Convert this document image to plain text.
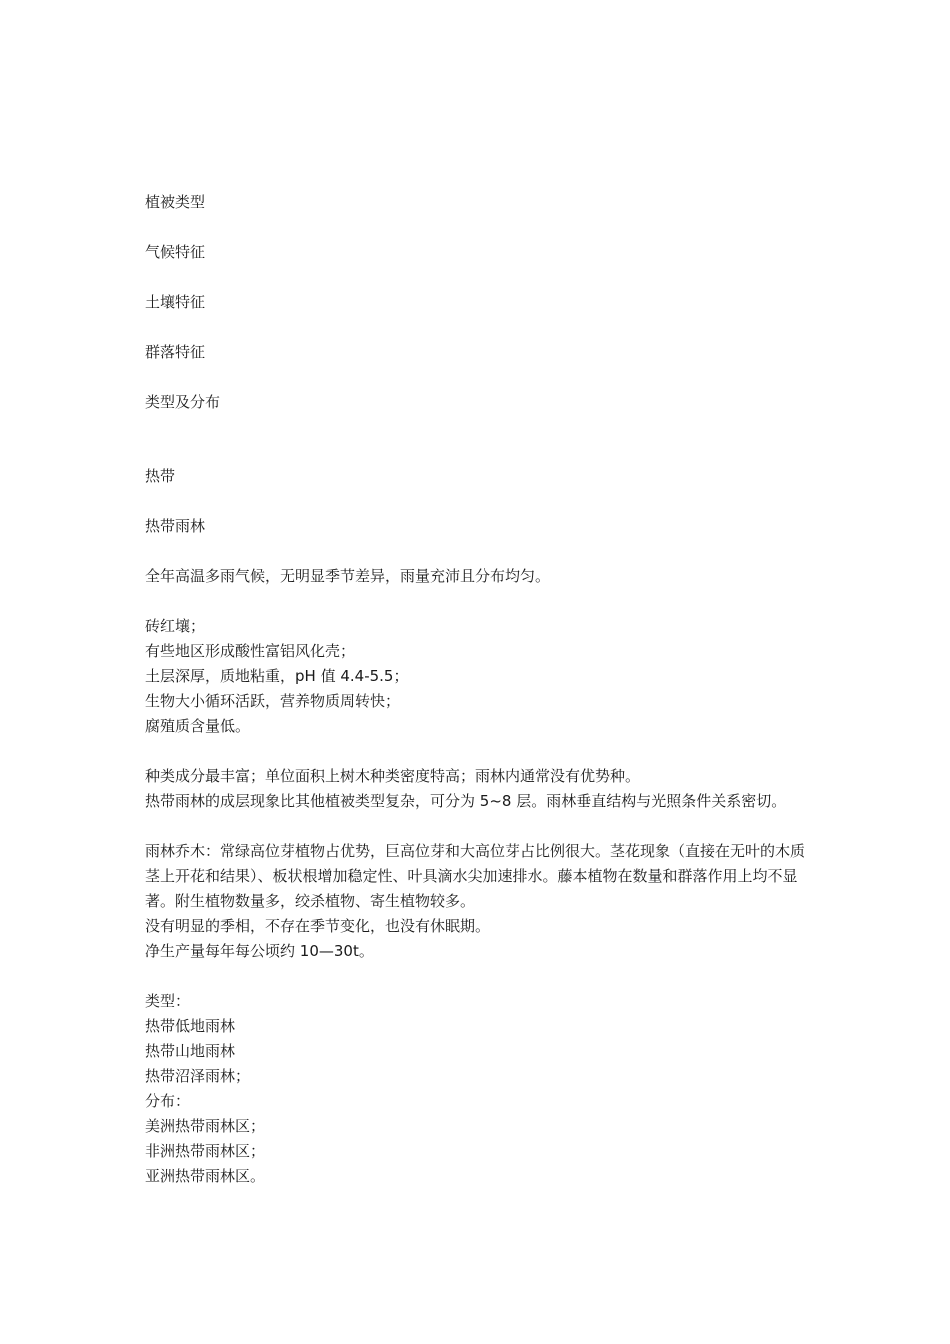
植被类型
气候特征
土壤特征
群落特征
类型及分布
热带
热带雨林
全年高温多雨气候，无明显季节差异，雨量充沛且分布均匀。
砖红壤；
有些地区形成酸性富铝风化壳；
土层深厚，质地粘重，pH 值 4.4-5.5；
生物大小循环活跃，营养物质周转快；
腐殖质含量低。
种类成分最丰富；单位面积上树木种类密度特高；雨林内通常没有优势种。
热带雨林的成层现象比其他植被类型复杂，可分为 5~8 层。雨林垂直结构与光照条件关系密切。
雨林乔木：常绿高位芽植物占优势，巨高位芽和大高位芽占比例很大。茎花现象（直接在无叶的木质茎上开花和结果）、板状根增加稳定性、叶具滴水尖加速排水。藤本植物在数量和群落作用上均不显著。附生植物数量多，绞杀植物、寄生植物较多。
没有明显的季相，不存在季节变化，也没有休眠期。
净生产量每年每公顷约 10—30t。
类型：
热带低地雨林
热带山地雨林
热带沼泽雨林；
分布：
美洲热带雨林区；
非洲热带雨林区；
亚洲热带雨林区。
